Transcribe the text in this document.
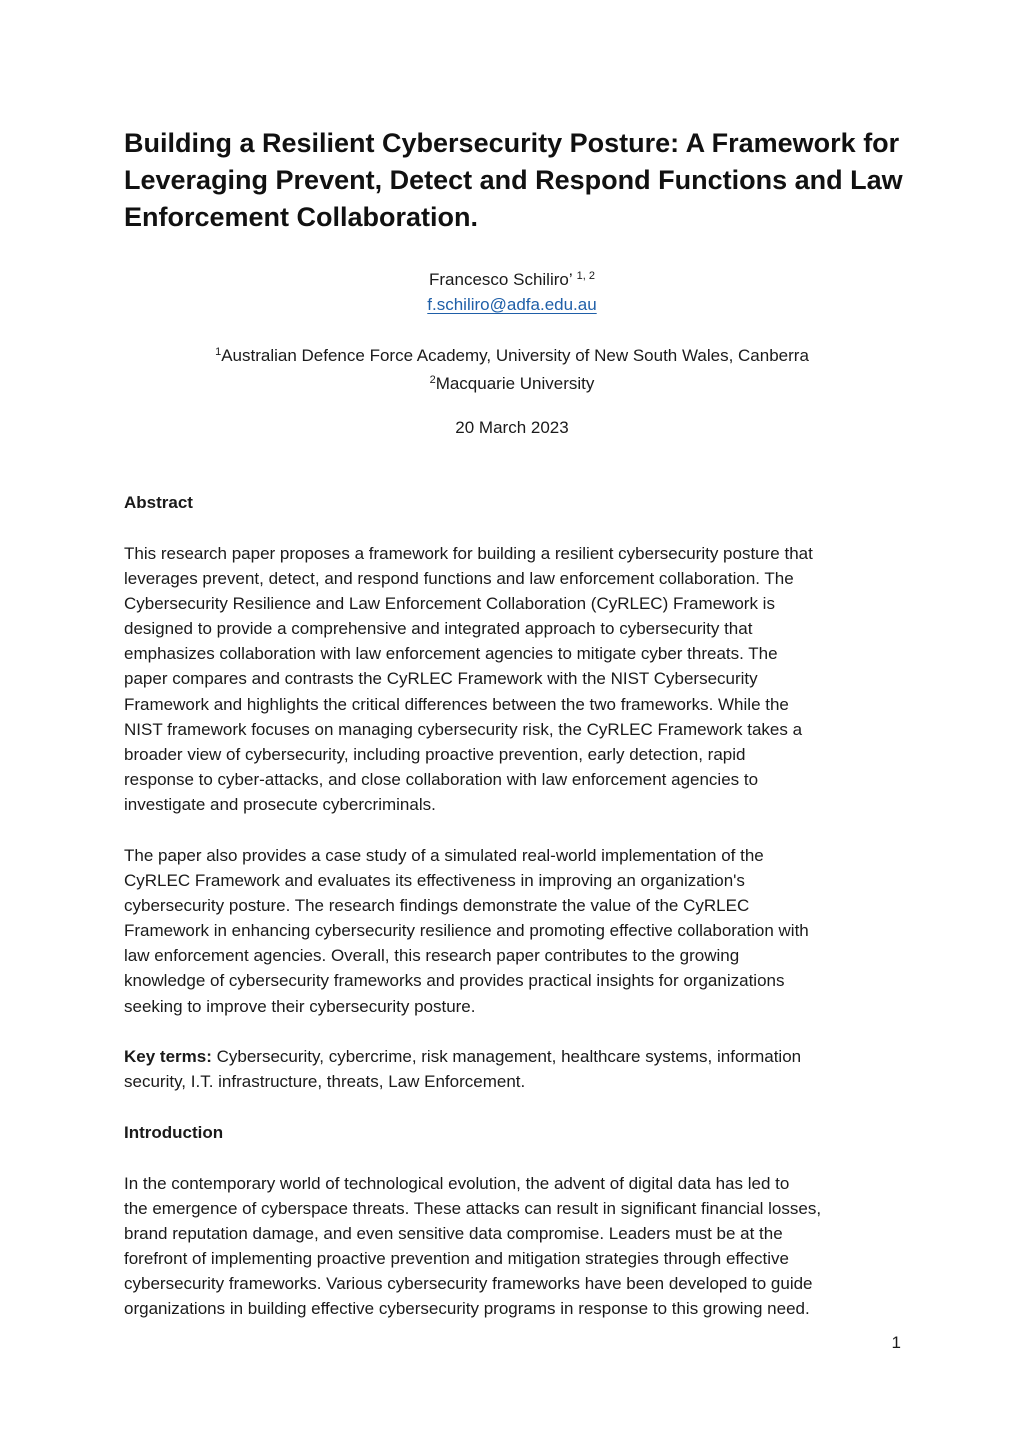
Building a Resilient Cybersecurity Posture: A Framework for
Leveraging Prevent, Detect and Respond Functions and Law
Enforcement Collaboration.
Francesco Schiliro’ $^{1, 2}$
f.schiliro@adfa.edu.au
$^1$Australian Defence Force Academy, University of New South Wales, Canberra
$^2$Macquarie University
20 March 2023
Abstract

This research paper proposes a framework for building a resilient cybersecurity posture that
leverages prevent, detect, and respond functions and law enforcement collaboration. The
Cybersecurity Resilience and Law Enforcement Collaboration (CyRLEC) Framework is
designed to provide a comprehensive and integrated approach to cybersecurity that
emphasizes collaboration with law enforcement agencies to mitigate cyber threats. The
paper compares and contrasts the CyRLEC Framework with the NIST Cybersecurity
Framework and highlights the critical differences between the two frameworks. While the
NIST framework focuses on managing cybersecurity risk, the CyRLEC Framework takes a
broader view of cybersecurity, including proactive prevention, early detection, rapid
response to cyber-attacks, and close collaboration with law enforcement agencies to
investigate and prosecute cybercriminals.

The paper also provides a case study of a simulated real-world implementation of the
CyRLEC Framework and evaluates its effectiveness in improving an organization's
cybersecurity posture. The research findings demonstrate the value of the CyRLEC
Framework in enhancing cybersecurity resilience and promoting effective collaboration with
law enforcement agencies. Overall, this research paper contributes to the growing
knowledge of cybersecurity frameworks and provides practical insights for organizations
seeking to improve their cybersecurity posture.

Key terms: Cybersecurity, cybercrime, risk management, healthcare systems, information
security, I.T. infrastructure, threats, Law Enforcement.

Introduction

In the contemporary world of technological evolution, the advent of digital data has led to
the emergence of cyberspace threats. These attacks can result in significant financial losses,
brand reputation damage, and even sensitive data compromise. Leaders must be at the
forefront of implementing proactive prevention and mitigation strategies through effective
cybersecurity frameworks. Various cybersecurity frameworks have been developed to guide
organizations in building effective cybersecurity programs in response to this growing need.

1
